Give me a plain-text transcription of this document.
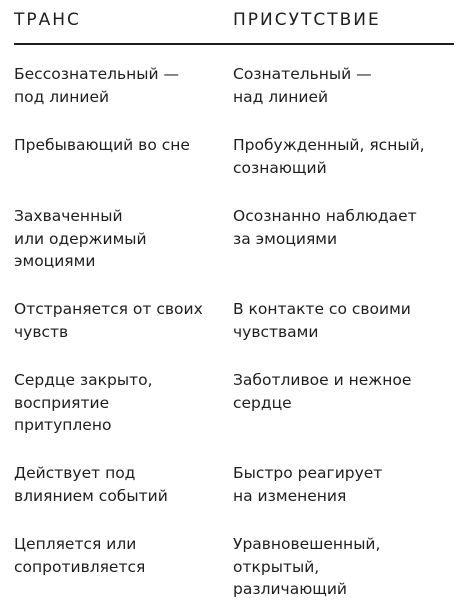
ТРАНС	ПРИСУТСТВИЕ
Бессознательный —
под линией
Сознательный —
над линией
Пребывающий во сне	Пробужденный, ясный,
сознающий
Захваченный
или одержимый
эмоциями
Осознанно наблюдает
за эмоциями
Отстраняется от своих
чувств
В контакте со своими
чувствами
Сердце закрыто,
восприятие
притуплено
Заботливое и нежное
сердце
Действует под
влиянием событий
Быстро реагирует
на изменения
Цепляется или
сопротивляется
Уравновешенный,
открытый,
различающий
